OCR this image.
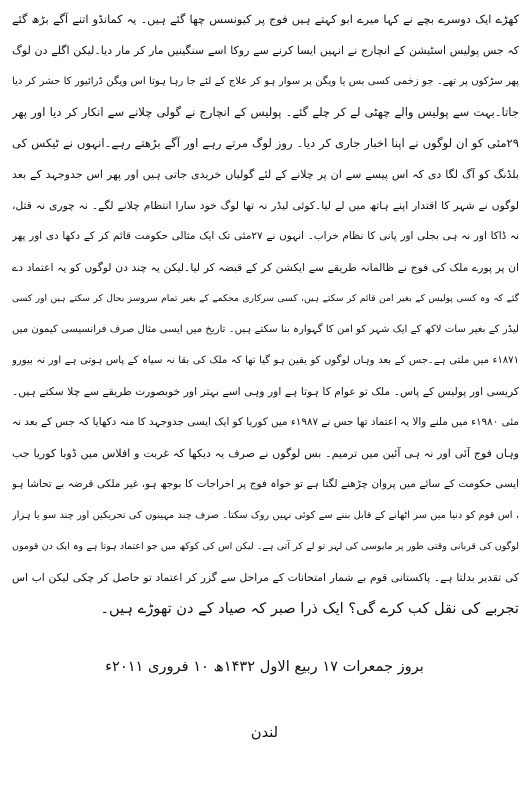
کھڑے ایک دوسرے بچے نے کہا میرے ابو کہتے ہیں فوج پر کیونسس چھا گئے ہیں۔ یہ کمانڈو اتنے آگے بڑھ گئے
کہ جس پولیس اسٹیشن کے انچارج نے انہیں ایسا کرنے سے روکا اسے سنگینیں مار کر مار دیا۔لیکن اگلے دن لوگ
پھر سڑکوں پر تھے۔ جو زخمی کسی بس یا ویگن پر سوار ہو کر علاج کے لئے جا رہا ہوتا اس ویگن ڈرائیور کا حشر کر دیا
جاتا۔بہت سے پولیس والے چھٹی لے کر چلے گئے۔ پولیس کے انچارج نے گولی چلانے سے انکار کر دیا اور پھر
۲۹مئی کو ان لوگوں نے اپنا اخبار جاری کر دیا۔ روز لوگ مرتے رہے اور آگے بڑھتے رہے۔انہوں نے ٹیکس کی
بلڈنگ کو آگ لگا دی کہ اس پیسے سے ان پر چلانے کے لئے گولیاں خریدی جاتی ہیں اور پھر اس جدوجہد کے بعد
لوگوں نے شہر کا اقتدار اپنے ہاتھ میں لے لیا۔کوئی لیڈر نہ تھا لوگ خود سارا انتظام چلانے لگے۔ نہ چوری نہ قتل،
نہ ڈاکا اور نہ ہی بجلی اور پانی کا نظام خراب۔ انہوں نے ۲۷مئی تک ایک مثالی حکومت قائم کر کے دکھا دی اور پھر
ان پر پورے ملک کی فوج نے ظالمانہ طریقے سے ایکشن کر کے قبضہ کر لیا۔لیکن یہ چند دن لوگوں کو یہ اعتماد دے
گئے کہ وہ کسی پولیس کے بغیر امن قائم کر سکتے ہیں، کسی سرکاری محکمے کے بغیر تمام سروسز بحال کر سکتے ہیں اور کسی
لیڈر کے بغیر سات لاکھ کے ایک شہر کو امن کا گہوارہ بنا سکتے ہیں۔ تاریخ میں ایسی مثال صرف فرانسیسی کیمون میں
۱۸۷۱ء میں ملتی ہے۔جس کے بعد وہاں لوگوں کو یقین ہو گیا تھا کہ ملک کی بقا نہ سیاہ کے پاس ہوتی ہے اور نہ بیورو
کریسی اور پولیس کے پاس۔ ملک تو عوام کا ہوتا ہے اور وہی اسے بہتر اور خوبصورت طریقے سے چلا سکتے ہیں۔
مئی ۱۹۸۰ء میں ملنے والا یہ اعتماد تھا جس نے ۱۹۸۷ء میں کوریا کو ایک ایسی جدوجہد کا منہ دکھایا کہ جس کے بعد نہ
وہاں فوج آئی اور نہ ہی آئین میں ترمیم۔ بس لوگوں نے صرف یہ دیکھا کہ غربت و افلاس میں ڈوبا کوریا جب
ایسی حکومت کے سائے میں پروان چڑھنے لگتا ہے تو خواہ فوج پر اخراجات کا بوجھ ہو، غیر ملکی قرضہ بے تحاشا ہو
، اس قوم کو دنیا میں سر اٹھانے کے قابل بننے سے کوئی نہیں روک سکتا۔ صرف چند مہینوں کی تحریکیں اور چند سو یا ہزار
لوگوں کی قربانی وقتی طور پر مایوسی کی لہر تو لے کر آتی ہے۔ لیکن اس کی کوکھ میں جو اعتماد ہوتا ہے وہ ایک دن قوموں
کی تقدیر بدلتا ہے۔ پاکستانی قوم بے شمار امتحانات کے مراحل سے گزر کر اعتماد تو حاصل کر چکی لیکن اب اس
تجربے کی نقل کب کرے گی؟ ایک ذرا صبر کہ صیاد کے دن تھوڑے ہیں۔
بروز جمعرات ۱۷ ربیع الاول ۱۴۳۲ھ ۱۰ فروری ۲۰۱۱ء
لندن
